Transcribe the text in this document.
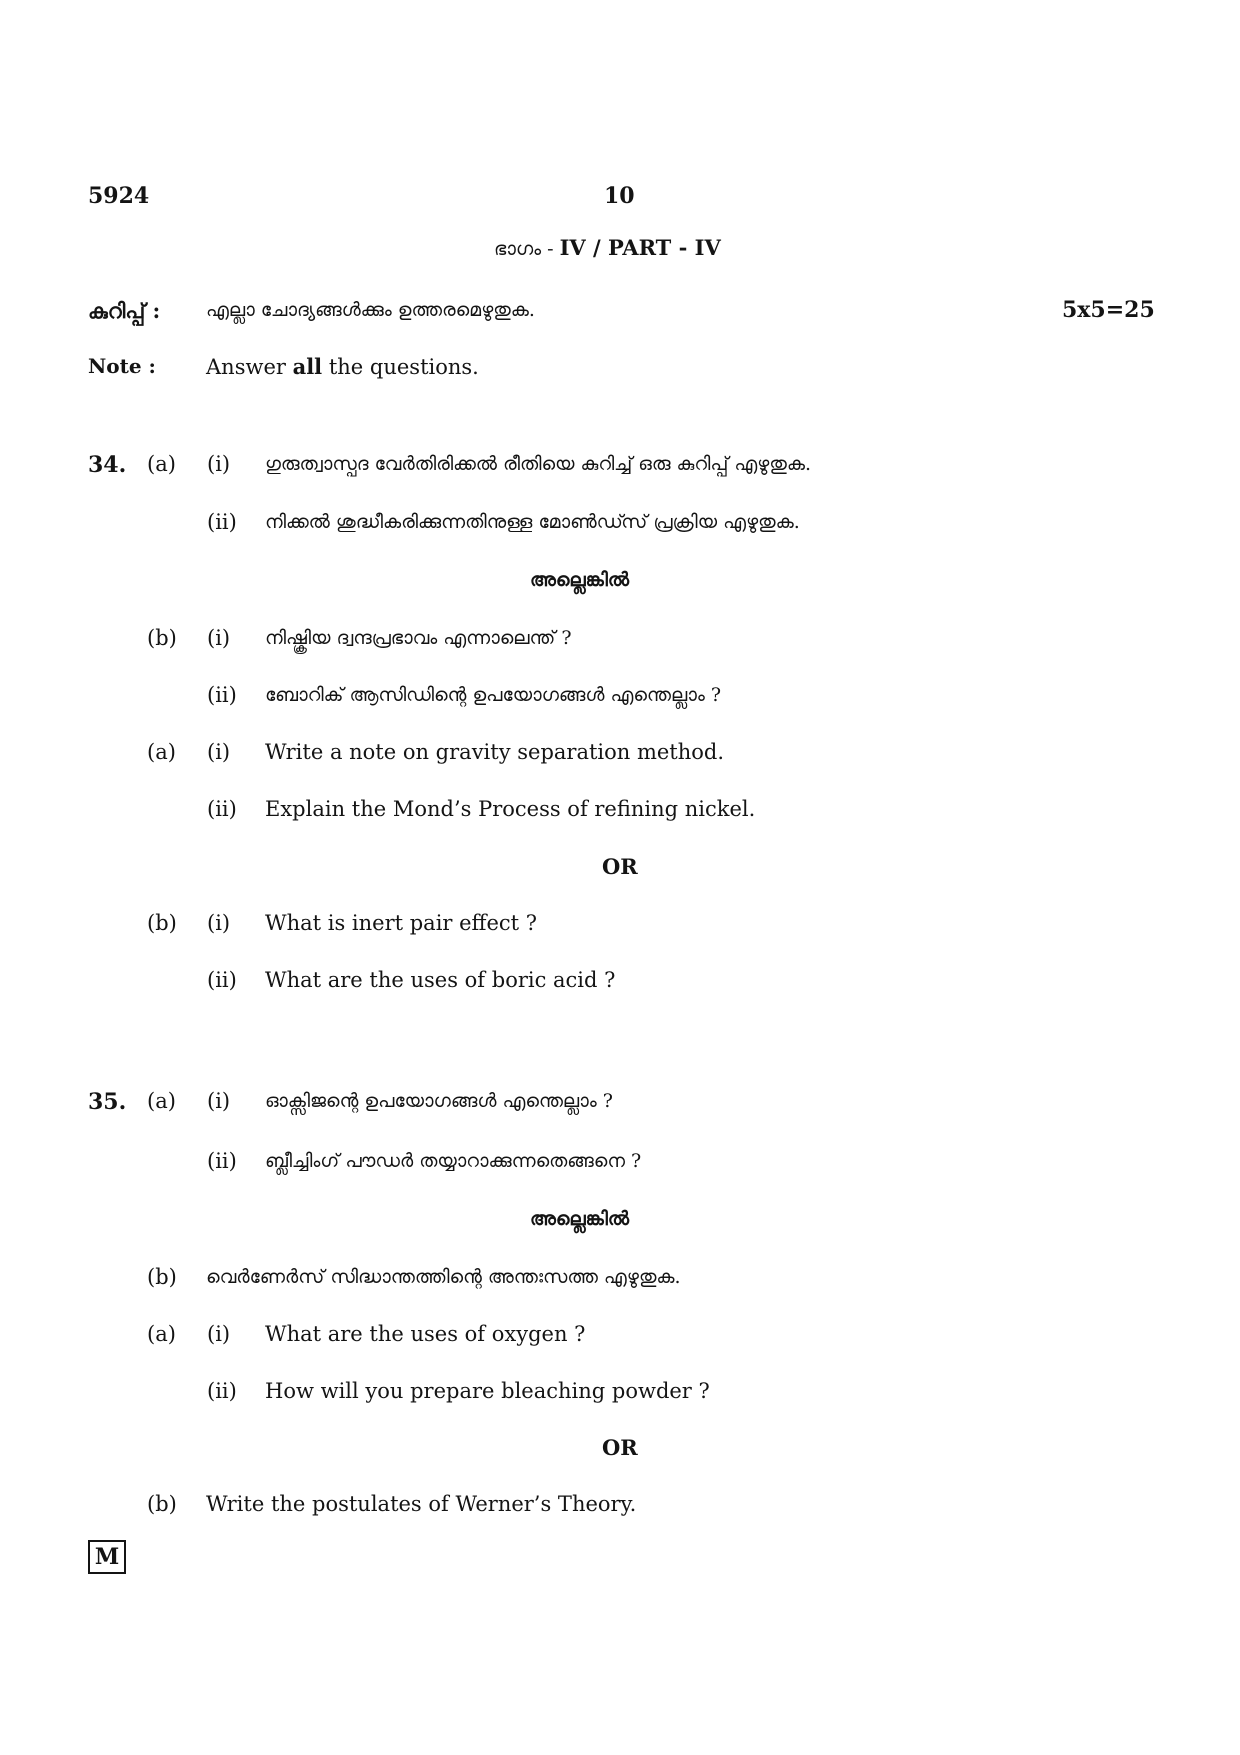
5924	10
ഭാഗം - IV / PART - IV
കുറിപ്പ് : എല്ലാ ചോദ്യങ്ങൾക്കും ഉത്തരമെഴുതുക.	5x5=25
Note : Answer all the questions.
34. (a) (i) ഗുരുത്വാസ്പദ വേർതിരിക്കൽ രീതിയെ കുറിച്ച് ഒരു കുറിപ്പ് എഴുതുക.
(ii) നിക്കൽ ശുദ്ധീകരിക്കുന്നതിനുള്ള മോൺഡ്സ് പ്രക്രിയ എഴുതുക.
അല്ലെങ്കിൽ
(b) (i) നിഷ്ക്രിയ ദ്വന്ദപ്രഭാവം എന്നാലെന്ത് ?
(ii) ബോറിക് ആസിഡിന്റെ ഉപയോഗങ്ങൾ എന്തെല്ലാം ?
(a) (i) Write a note on gravity separation method.
(ii) Explain the Mond’s Process of refining nickel.
OR
(b) (i) What is inert pair effect ?
(ii) What are the uses of boric acid ?
35. (a) (i) ഓക്സിജന്റെ ഉപയോഗങ്ങൾ എന്തെല്ലാം ?
(ii) ബ്ലീച്ചിംഗ് പൗഡർ തയ്യാറാക്കുന്നതെങ്ങനെ ?
അല്ലെങ്കിൽ
(b) വെർണേർസ് സിദ്ധാന്തത്തിന്റെ അന്തഃസത്ത എഴുതുക.
(a) (i) What are the uses of oxygen ?
(ii) How will you prepare bleaching powder ?
OR
(b) Write the postulates of Werner’s Theory.
M
